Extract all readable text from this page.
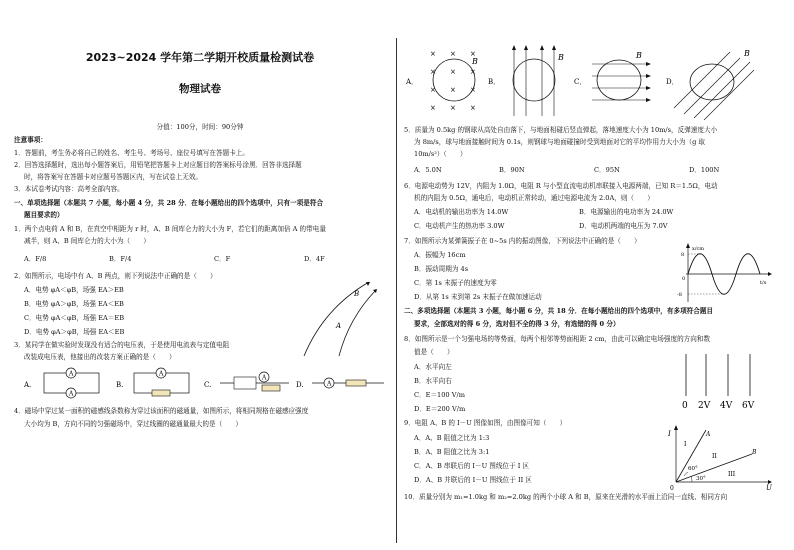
2023~2024 学年第二学期开校质量检测试卷
物理试卷
分值：100分，时间：90分钟
注意事项：
1．答题前，考生务必将自己的姓名、考生号、考场号、座位号填写在答题卡上。
2．回答选择题时，选出每小题答案后，用铅笔把答题卡上对应题目的答案标号涂黑．回答非选择题
时，将答案写在答题卡对应题号答题区内，写在试卷上无效。
3．本试卷考试内容：高考全部内容。
一、单项选择题（本题共 7 小题，每小题 4 分，共 28 分．在每小题给出的四个选项中，只有一项是符合
题目要求的）
1．两个点电荷 A 和 B，在真空中相距为 r 时，A、B 间库仑力的大小为 F，若它们的距离加倍 A 的带电量
减半，则 A、B 间库仑力的大小为（　　）
A．F/8	B．F/4	C．F	D．4F
2．如图所示，电场中有 A、B 两点，则下列说法中正确的是（　　）
A．电势 φA＜φB，场强 EA＞EB
B．电势 φA＞φB，场强 EA＜EB
C．电势 φA＜φB，场强 EA＝EB
D．电势 φA＞φB，场强 EA＜EB
B
A
3．某同学在做实验时发现没有适合的电压表，于是使用电流表与定值电阻
改装成电压表，他接出的改装方案正确的是（　　）
A.
A
A
B.
A
C.
A
D.	A
4．磁场中穿过某一面积的磁感线条数称为穿过该面积的磁通量，如图所示，将相同规格在磁感应强度
大小均为 B，方向不同的匀强磁场中，穿过线圈的磁通量最大的是（　　）
A．
× × ×
× × ×
× × ×
× × ×
B
B．
B
C．
B
D．
B
5．质量为 0.5kg 的钢球从高处自由落下，与地面相碰后竖直弹起，落地速度大小为 10m/s，反弹速度大小
为 8m/s，球与地面接触时间为 0.1s，则钢球与地面碰撞时受到地面对它的平均作用力大小为（g 取
10m/s²）（　　）
A．5.0N	B．90N	C．95N	D．100N
6．电源电动势为 12V，内阻为 1.0Ω，电阻 R 与小型直流电动机串联接入电源两端，已知 R＝1.5Ω，电动
机的内阻为 0.5Ω，通电后，电动机正常转动，通过电源电流为 2.0A，则（　　）
A．电动机的输出功率为 14.0W	B．电源输出的电功率为 24.0W
C．电动机产生的热功率 3.0W	D．电动机两端的电压为 7.0V
7．如图所示为某弹簧振子在 0~5s 内的振动图像，下列说法中正确的是（　　）
A．振幅为 16cm
B．振动周期为 4s
C．第 1s 末振子的速度为零
D．从第 1s 末到第 2s 末振子在做加速运动
x/cm
t/s
8
-8
0
二、多项选择题（本题共 3 小题，每小题 6 分，共 18 分．在每小题给出的四个选项中，有多项符合题目
要求，全部选对的得 6 分，选对但不全的得 3 分，有选错的得 0 分）
8．如图所示是一个匀强电场的等势面，每两个相邻等势面相距 2 cm，由此可以确定电场强度的方向和数
值是（　　）
A．水平向左
B．水平向右
C．E＝100 V/m
D．E＝200 V/m	0 2V 4V 6V
9．电阻 A、B 的 I－U 图像如图，由图像可知（　　）
A．A、B 阻值之比为 1:3
B．A、B 阻值之比为 3:1
C．A、B 串联后的 I－U 图线位于 I 区
D．A、B 并联后的 I－U 图线位于 II 区
I
U
A
B
I
II
III
60°
30°
0
10．质量分别为 m₁=1.0kg 和 m₂=2.0kg 的两个小球 A 和 B，原来在光滑的水平面上沿同一直线、相同方向
